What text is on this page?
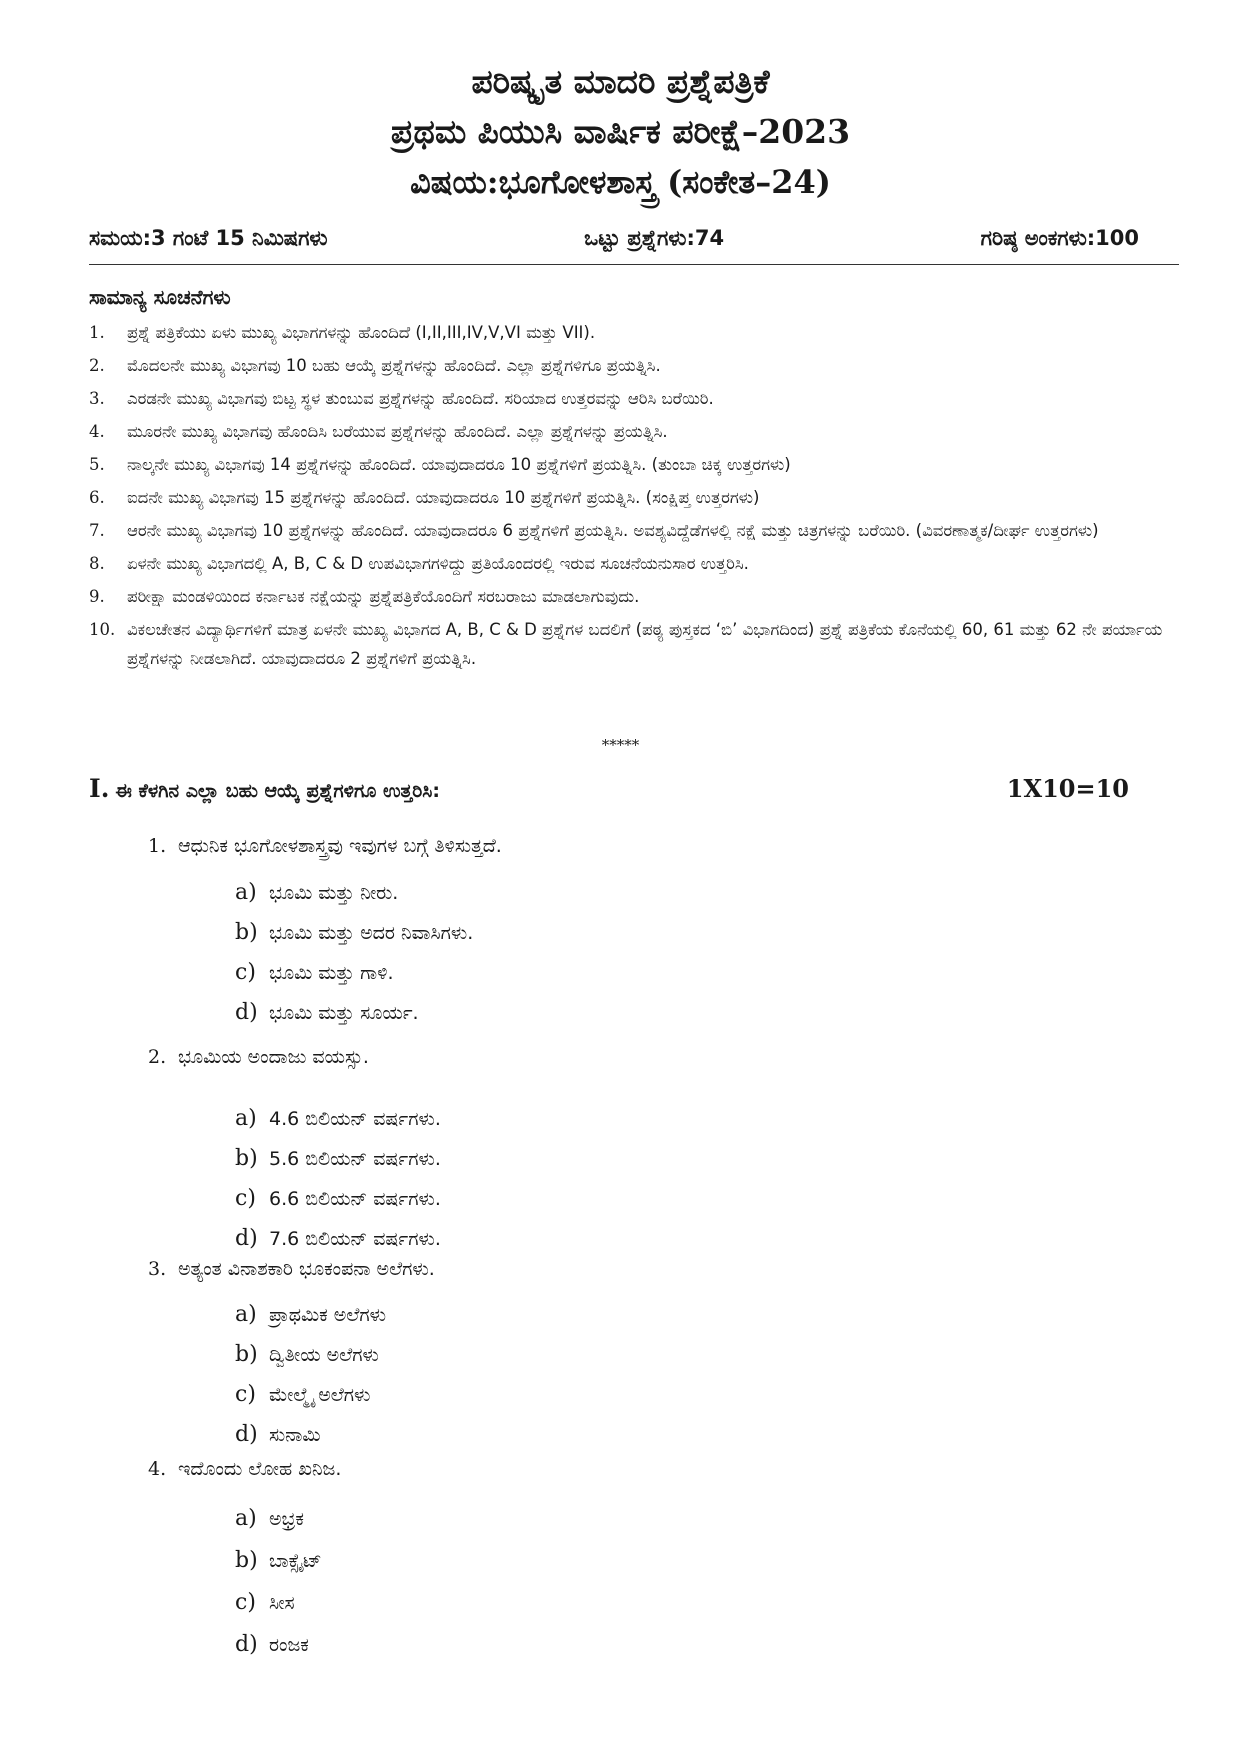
ಪರಿಷ್ಕೃತ ಮಾದರಿ ಪ್ರಶ್ನೆಪತ್ರಿಕೆ
ಪ್ರಥಮ ಪಿಯುಸಿ ವಾರ್ಷಿಕ ಪರೀಕ್ಷೆ–2023
ವಿಷಯ:ಭೂಗೋಳಶಾಸ್ತ್ರ (ಸಂಕೇತ–24)
ಸಮಯ:3 ಗಂಟೆ 15 ನಿಮಿಷಗಳು	ಒಟ್ಟು ಪ್ರಶ್ನೆಗಳು:74	ಗರಿಷ್ಠ ಅಂಕಗಳು:100
ಸಾಮಾನ್ಯ ಸೂಚನೆಗಳು
1.	ಪ್ರಶ್ನೆ ಪತ್ರಿಕೆಯು ಏಳು ಮುಖ್ಯ ವಿಭಾಗಗಳನ್ನು ಹೊಂದಿದೆ (I,II,III,IV,V,VI ಮತ್ತು VII).
2.	ಮೊದಲನೇ ಮುಖ್ಯ ವಿಭಾಗವು 10 ಬಹು ಆಯ್ಕೆ ಪ್ರಶ್ನೆಗಳನ್ನು ಹೊಂದಿದೆ. ಎಲ್ಲಾ ಪ್ರಶ್ನೆಗಳಿಗೂ ಪ್ರಯತ್ನಿಸಿ.
3.	ಎರಡನೇ ಮುಖ್ಯ ವಿಭಾಗವು ಬಿಟ್ಟ ಸ್ಥಳ ತುಂಬುವ ಪ್ರಶ್ನೆಗಳನ್ನು ಹೊಂದಿದೆ. ಸರಿಯಾದ ಉತ್ತರವನ್ನು ಆರಿಸಿ ಬರೆಯಿರಿ.
4.	ಮೂರನೇ ಮುಖ್ಯ ವಿಭಾಗವು ಹೊಂದಿಸಿ ಬರೆಯುವ ಪ್ರಶ್ನೆಗಳನ್ನು ಹೊಂದಿದೆ. ಎಲ್ಲಾ ಪ್ರಶ್ನೆಗಳನ್ನು ಪ್ರಯತ್ನಿಸಿ.
5.	ನಾಲ್ಕನೇ ಮುಖ್ಯ ವಿಭಾಗವು 14 ಪ್ರಶ್ನೆಗಳನ್ನು ಹೊಂದಿದೆ. ಯಾವುದಾದರೂ 10 ಪ್ರಶ್ನೆಗಳಿಗೆ ಪ್ರಯತ್ನಿಸಿ. (ತುಂಬಾ ಚಿಕ್ಕ ಉತ್ತರಗಳು)
6.	ಐದನೇ ಮುಖ್ಯ ವಿಭಾಗವು 15 ಪ್ರಶ್ನೆಗಳನ್ನು ಹೊಂದಿದೆ. ಯಾವುದಾದರೂ 10 ಪ್ರಶ್ನೆಗಳಿಗೆ ಪ್ರಯತ್ನಿಸಿ. (ಸಂಕ್ಷಿಪ್ತ ಉತ್ತರಗಳು)
7.	ಆರನೇ ಮುಖ್ಯ ವಿಭಾಗವು 10 ಪ್ರಶ್ನೆಗಳನ್ನು ಹೊಂದಿದೆ. ಯಾವುದಾದರೂ 6 ಪ್ರಶ್ನೆಗಳಿಗೆ ಪ್ರಯತ್ನಿಸಿ. ಅವಶ್ಯವಿದ್ದೆಡೆಗಳಲ್ಲಿ ನಕ್ಷೆ ಮತ್ತು ಚಿತ್ರಗಳನ್ನು ಬರೆಯಿರಿ. (ವಿವರಣಾತ್ಮಕ/ದೀರ್ಘ ಉತ್ತರಗಳು)
8.	ಏಳನೇ ಮುಖ್ಯ ವಿಭಾಗದಲ್ಲಿ A, B, C & D ಉಪವಿಭಾಗಗಳಿದ್ದು ಪ್ರತಿಯೊಂದರಲ್ಲಿ ಇರುವ ಸೂಚನೆಯನುಸಾರ ಉತ್ತರಿಸಿ.
9.	ಪರೀಕ್ಷಾ ಮಂಡಳಿಯಿಂದ ಕರ್ನಾಟಕ ನಕ್ಷೆಯನ್ನು ಪ್ರಶ್ನೆಪತ್ರಿಕೆಯೊಂದಿಗೆ ಸರಬರಾಜು ಮಾಡಲಾಗುವುದು.
10. ವಿಕಲಚೇತನ ವಿದ್ಯಾರ್ಥಿಗಳಿಗೆ ಮಾತ್ರ ಏಳನೇ ಮುಖ್ಯ ವಿಭಾಗದ A, B, C & D ಪ್ರಶ್ನೆಗಳ ಬದಲಿಗೆ (ಪಠ್ಯ ಪುಸ್ತಕದ ‘ಬಿ’ ವಿಭಾಗದಿಂದ) ಪ್ರಶ್ನೆ ಪತ್ರಿಕೆಯ ಕೊನೆಯಲ್ಲಿ 60, 61 ಮತ್ತು 62 ನೇ ಪರ್ಯಾಯ ಪ್ರಶ್ನೆಗಳನ್ನು ನೀಡಲಾಗಿದೆ. ಯಾವುದಾದರೂ 2 ಪ್ರಶ್ನೆಗಳಿಗೆ ಪ್ರಯತ್ನಿಸಿ.
*****
I. ಈ ಕೆಳಗಿನ ಎಲ್ಲಾ ಬಹು ಆಯ್ಕೆ ಪ್ರಶ್ನೆಗಳಿಗೂ ಉತ್ತರಿಸಿ:	1X10=10
1. ಆಧುನಿಕ ಭೂಗೋಳಶಾಸ್ತ್ರವು ಇವುಗಳ ಬಗ್ಗೆ ತಿಳಿಸುತ್ತದೆ.
a) ಭೂಮಿ ಮತ್ತು ನೀರು.
b) ಭೂಮಿ ಮತ್ತು ಅದರ ನಿವಾಸಿಗಳು.
c) ಭೂಮಿ ಮತ್ತು ಗಾಳಿ.
d) ಭೂಮಿ ಮತ್ತು ಸೂರ್ಯ.
2. ಭೂಮಿಯ ಅಂದಾಜು ವಯಸ್ಸು.
a) 4.6 ಬಿಲಿಯನ್ ವರ್ಷಗಳು.
b) 5.6 ಬಿಲಿಯನ್ ವರ್ಷಗಳು.
c) 6.6 ಬಿಲಿಯನ್ ವರ್ಷಗಳು.
d) 7.6 ಬಿಲಿಯನ್ ವರ್ಷಗಳು.
3. ಅತ್ಯಂತ ವಿನಾಶಕಾರಿ ಭೂಕಂಪನಾ ಅಲೆಗಳು.
a) ಪ್ರಾಥಮಿಕ ಅಲೆಗಳು
b) ದ್ವಿತೀಯ ಅಲೆಗಳು
c) ಮೇಲ್ಮೈ ಅಲೆಗಳು
d) ಸುನಾಮಿ
4. ಇದೊಂದು ಲೋಹ ಖನಿಜ.
a) ಅಭ್ರಕ
b) ಬಾಕ್ಸೈಟ್
c) ಸೀಸ
d) ರಂಜಕ
